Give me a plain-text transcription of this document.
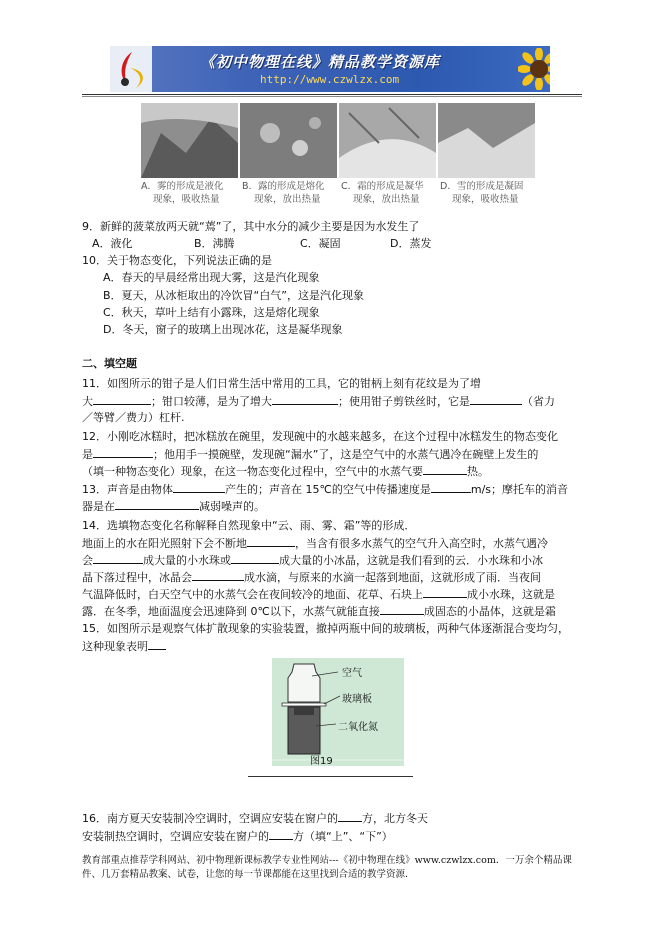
《初中物理在线》精品教学资源库
http://www.czwlzx.com
A．雾的形成是液化
现象，吸收热量
B．露的形成是熔化
现象，放出热量
C．霜的形成是凝华
现象，放出热量
D．雪的形成是凝固
现象，吸收热量
9．新鲜的菠菜放两天就“蔫”了，其中水分的减少主要是因为水发生了
A．液化	B．沸腾	C．凝固	D．蒸发
10．关于物态变化，下列说法正确的是
A．春天的早晨经常出现大雾，这是汽化现象
B．夏天，从冰柜取出的冷饮冒“白气”，这是汽化现象
C．秋天，草叶上结有小露珠，这是熔化现象
D．冬天，窗子的玻璃上出现冰花，这是凝华现象
二、填空题
11．如图所示的钳子是人们日常生活中常用的工具，它的钳柄上刻有花纹是为了增
大	；钳口较薄，是为了增大	；使用钳子剪铁丝时，它是	（省力
／等臂／费力）杠杆.
12．小刚吃冰糕时，把冰糕放在碗里，发现碗中的水越来越多，在这个过程中冰糕发生的物态变化
是	；他用手一摸碗壁，发现碗“漏水”了，这是空气中的水蒸气遇冷在碗壁上发生的
（填一种物态变化）现象，在这一物态变化过程中，空气中的水蒸气要	热。
13．声音是由物体	产生的；声音在 15℃的空气中传播速度是	m/s；摩托车的消音
器是在	减弱噪声的。
14．选填物态变化名称解释自然现象中“云、雨、雾、霜”等的形成．
地面上的水在阳光照射下会不断地	，当含有很多水蒸气的空气升入高空时，水蒸气遇冷
会	成大量的小水珠或	成大量的小冰晶，这就是我们看到的云．小水珠和小冰
晶下落过程中，冰晶会	成水滴，与原来的水滴一起落到地面，这就形成了雨．当夜间
气温降低时，白天空气中的水蒸气会在夜间较冷的地面、花草、石块上	成小水珠，这就是
露．在冬季，地面温度会迅速降到 0℃以下，水蒸气就能直接	成固态的小晶体，这就是霜
15．如图所示是观察气体扩散现象的实验装置，撤掉两瓶中间的玻璃板，两种气体逐渐混合变均匀，
这种现象表明
空气
玻璃板
二氧化氮
图19
16．南方夏天安装制冷空调时，空调应安装在窗户的 方，北方冬天
安装制热空调时，空调应安装在窗户的 方（填“上”、“下”）
教育部重点推荐学科网站、初中物理新课标教学专业性网站---《初中物理在线》www.czwlzx.com．一万余个精品课
件、几万套精品教案、试卷，让您的每一节课都能在这里找到合适的教学资源．
